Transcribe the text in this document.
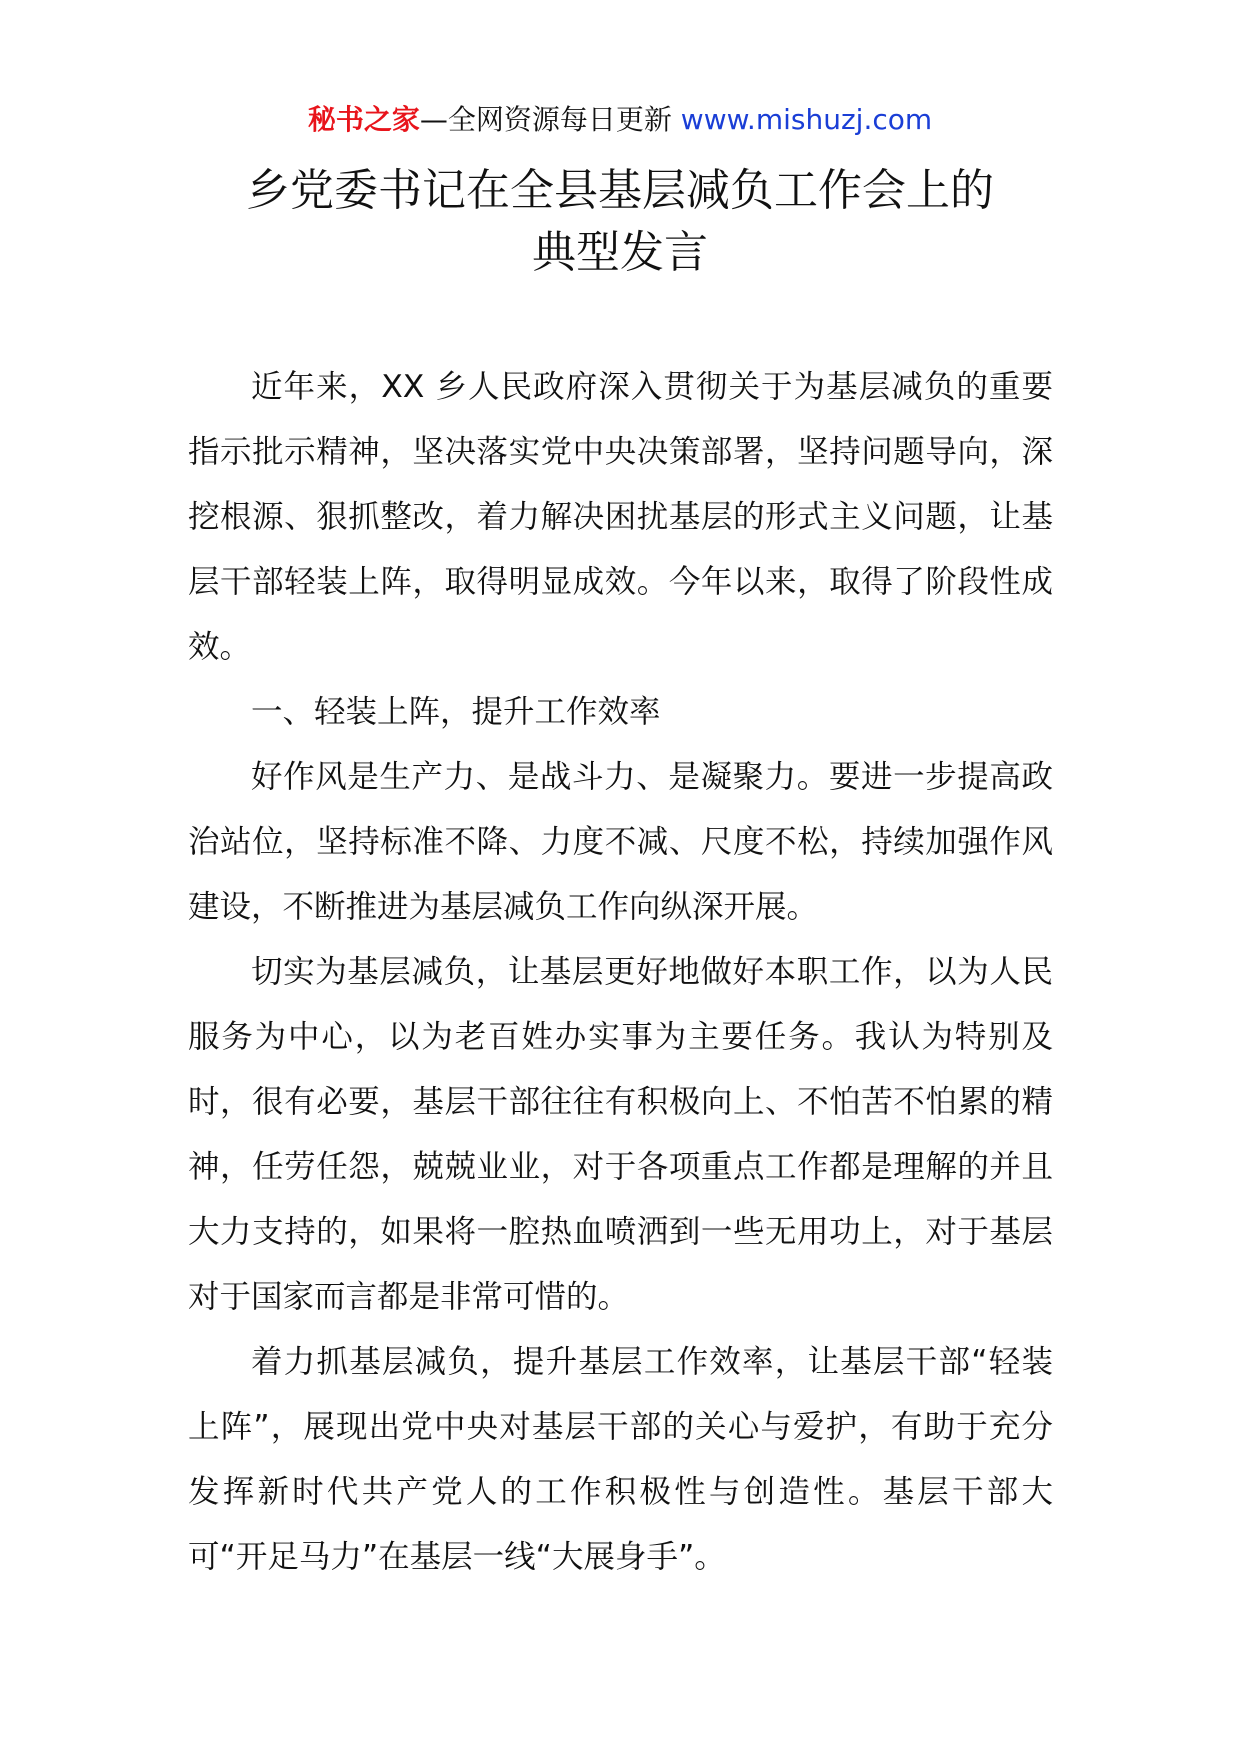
秘书之家—全网资源每日更新 www.mishuzj.com
乡党委书记在全县基层减负工作会上的
典型发言

近年来，XX 乡人民政府深入贯彻关于为基层减负的重要指示批示精神，坚决落实党中央决策部署，坚持问题导向，深挖根源、狠抓整改，着力解决困扰基层的形式主义问题，让基层干部轻装上阵，取得明显成效。今年以来，取得了阶段性成效。

一、轻装上阵，提升工作效率

好作风是生产力、是战斗力、是凝聚力。要进一步提高政治站位，坚持标准不降、力度不减、尺度不松，持续加强作风建设，不断推进为基层减负工作向纵深开展。

切实为基层减负，让基层更好地做好本职工作，以为人民服务为中心，以为老百姓办实事为主要任务。我认为特别及时，很有必要，基层干部往往有积极向上、不怕苦不怕累的精神，任劳任怨，兢兢业业，对于各项重点工作都是理解的并且大力支持的，如果将一腔热血喷洒到一些无用功上，对于基层对于国家而言都是非常可惜的。

着力抓基层减负，提升基层工作效率，让基层干部“轻装上阵”，展现出党中央对基层干部的关心与爱护，有助于充分发挥新时代共产党人的工作积极性与创造性。基层干部大可“开足马力”在基层一线“大展身手”。
